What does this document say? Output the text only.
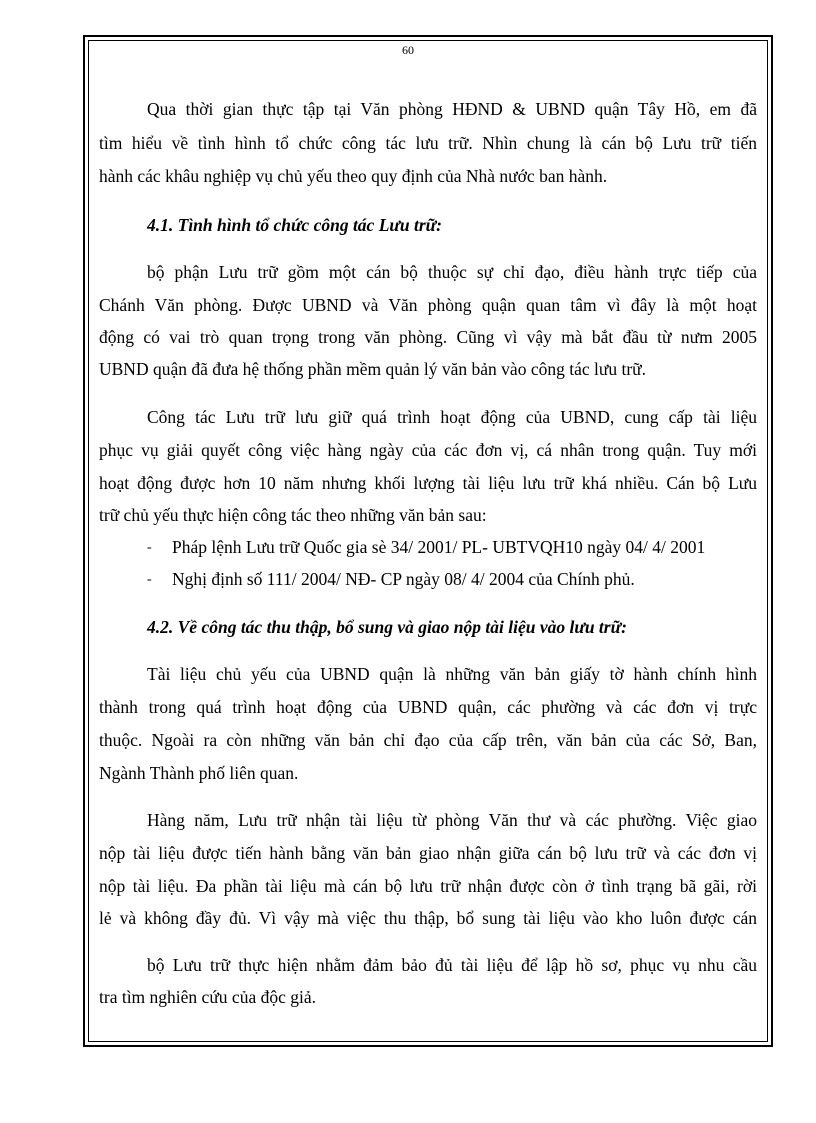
60
Qua thời gian thực tập tại Văn phòng HĐND & UBND quận Tây Hồ, em đã
tìm hiểu về tình hình tổ chức công tác lưu trữ. Nhìn chung là cán bộ Lưu trữ tiến
hành các khâu nghiệp vụ chủ yếu theo quy định của Nhà nước ban hành.
4.1. Tình hình tổ chức công tác Lưu trữ:
bộ phận Lưu trữ gồm một cán bộ thuộc sự chỉ đạo, điều hành trực tiếp của
Chánh Văn phòng. Được UBND và Văn phòng quận quan tâm vì đây là một hoạt
động có vai trò quan trọng trong văn phòng. Cũng vì vậy mà bắt đầu từ nưm 2005
UBND quận đã đưa hệ thống phần mềm quản lý văn bản vào công tác lưu trữ.
Công tác Lưu trữ lưu giữ quá trình hoạt động của UBND, cung cấp tài liệu
phục vụ giải quyết công việc hàng ngày của các đơn vị, cá nhân trong quận. Tuy mới
hoạt động được hơn 10 năm nhưng khối lượng tài liệu lưu trữ khá nhiều. Cán bộ Lưu
trữ chủ yếu thực hiện công tác theo những văn bản sau:
- Pháp lệnh Lưu trữ Quốc gia sè 34/ 2001/ PL- UBTVQH10 ngày 04/ 4/ 2001
- Nghị định số 111/ 2004/ NĐ- CP ngày 08/ 4/ 2004 của Chính phủ.
4.2. Về công tác thu thập, bổ sung và giao nộp tài liệu vào lưu trữ:
Tài liệu chủ yếu của UBND quận là những văn bản giấy tờ hành chính hình
thành trong quá trình hoạt động của UBND quận, các phường và các đơn vị trực
thuộc. Ngoài ra còn những văn bản chỉ đạo của cấp trên, văn bản của các Sở, Ban,
Ngành Thành phố liên quan.
Hàng năm, Lưu trữ nhận tài liệu từ phòng Văn thư và các phường. Việc giao
nộp tài liệu được tiến hành bằng văn bản giao nhận giữa cán bộ lưu trữ và các đơn vị
nộp tài liệu. Đa phần tài liệu mà cán bộ lưu trữ nhận được còn ở tình trạng bã gãi, rời
lẻ và không đầy đủ. Vì vậy mà việc thu thập, bổ sung tài liệu vào kho luôn được cán
bộ Lưu trữ thực hiện nhằm đảm bảo đủ tài liệu để lập hồ sơ, phục vụ nhu cầu
tra tìm nghiên cứu của độc giả.
